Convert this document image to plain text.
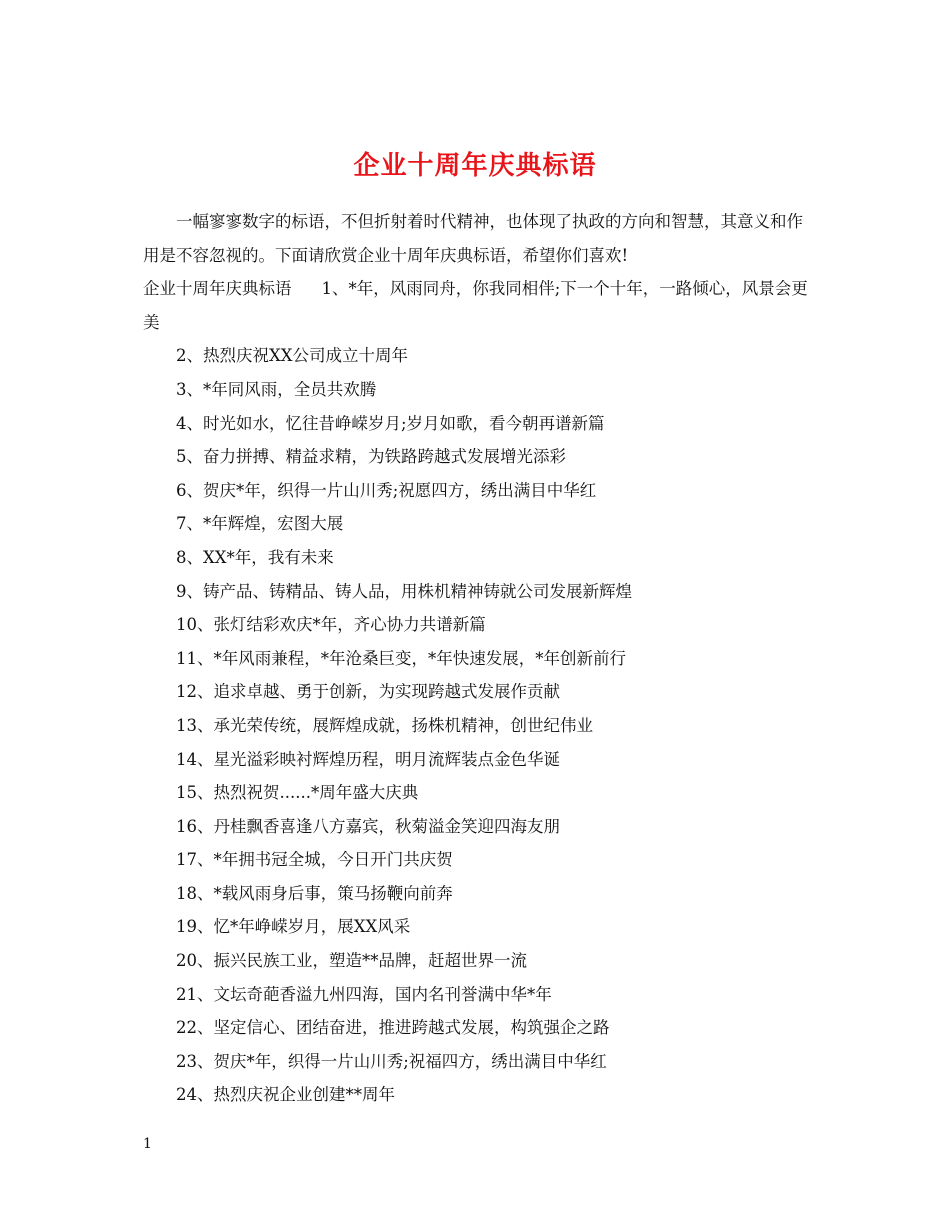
企业十周年庆典标语

一幅寥寥数字的标语，不但折射着时代精神，也体现了执政的方向和智慧，其意义和作用是不容忽视的。下面请欣赏企业十周年庆典标语，希望你们喜欢!

企业十周年庆典标语 1、*年，风雨同舟，你我同相伴;下一个十年，一路倾心，风景会更美

2、热烈庆祝XX公司成立十周年
3、*年同风雨，全员共欢腾
4、时光如水，忆往昔峥嵘岁月;岁月如歌，看今朝再谱新篇
5、奋力拼搏、精益求精，为铁路跨越式发展增光添彩
6、贺庆*年，织得一片山川秀;祝愿四方，绣出满目中华红
7、*年辉煌，宏图大展
8、XX*年，我有未来
9、铸产品、铸精品、铸人品，用株机精神铸就公司发展新辉煌
10、张灯结彩欢庆*年，齐心协力共谱新篇
11、*年风雨兼程，*年沧桑巨变，*年快速发展，*年创新前行
12、追求卓越、勇于创新，为实现跨越式发展作贡献
13、承光荣传统，展辉煌成就，扬株机精神，创世纪伟业
14、星光溢彩映衬辉煌历程，明月流辉装点金色华诞
15、热烈祝贺......*周年盛大庆典
16、丹桂飘香喜逢八方嘉宾，秋菊溢金笑迎四海友朋
17、*年拥书冠全城，今日开门共庆贺
18、*载风雨身后事，策马扬鞭向前奔
19、忆*年峥嵘岁月，展XX风采
20、振兴民族工业，塑造**品牌，赶超世界一流
21、文坛奇葩香溢九州四海，国内名刊誉满中华*年
22、坚定信心、团结奋进，推进跨越式发展，构筑强企之路
23、贺庆*年，织得一片山川秀;祝福四方，绣出满目中华红
24、热烈庆祝企业创建**周年
1
